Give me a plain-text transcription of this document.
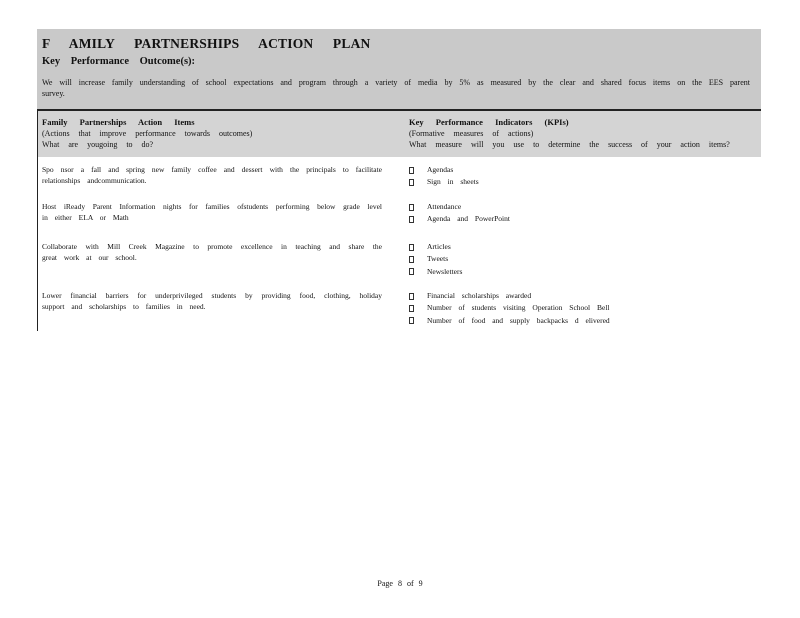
F AMILY PARTNERSHIPS ACTION PLAN
Key Performance Outcome(s):
We will increase family understanding of school expectations and program through a variety of media by 5% as measured by the clear and shared focus items on the EES parent survey.
Family Partnerships Action Items
(Actions that improve performance towards outcomes)
What are yougoing to do?
Key Performance Indicators (KPIs)
(Formative measures of actions)
What measure will you use to determine the success of your action items?
Spo nsor a fall and spring new family coffee and dessert with the principals to facilitate relationships andcommunication.
Agendas
Sign in sheets
Host iReady Parent Information nights for families ofstudents performing below grade level in either ELA or Math
Attendance
Agenda and PowerPoint
Collaborate with Mill Creek Magazine to promote excellence in teaching and share the great work at our school.
Articles
Tweets
Newsletters
Lower financial barriers for underprivileged students by providing food, clothing, holiday support and scholarships to families in need.
Financial scholarships awarded
Number of students visiting Operation School Bell
Number of food and supply backpacks d elivered
Page 8 of 9
